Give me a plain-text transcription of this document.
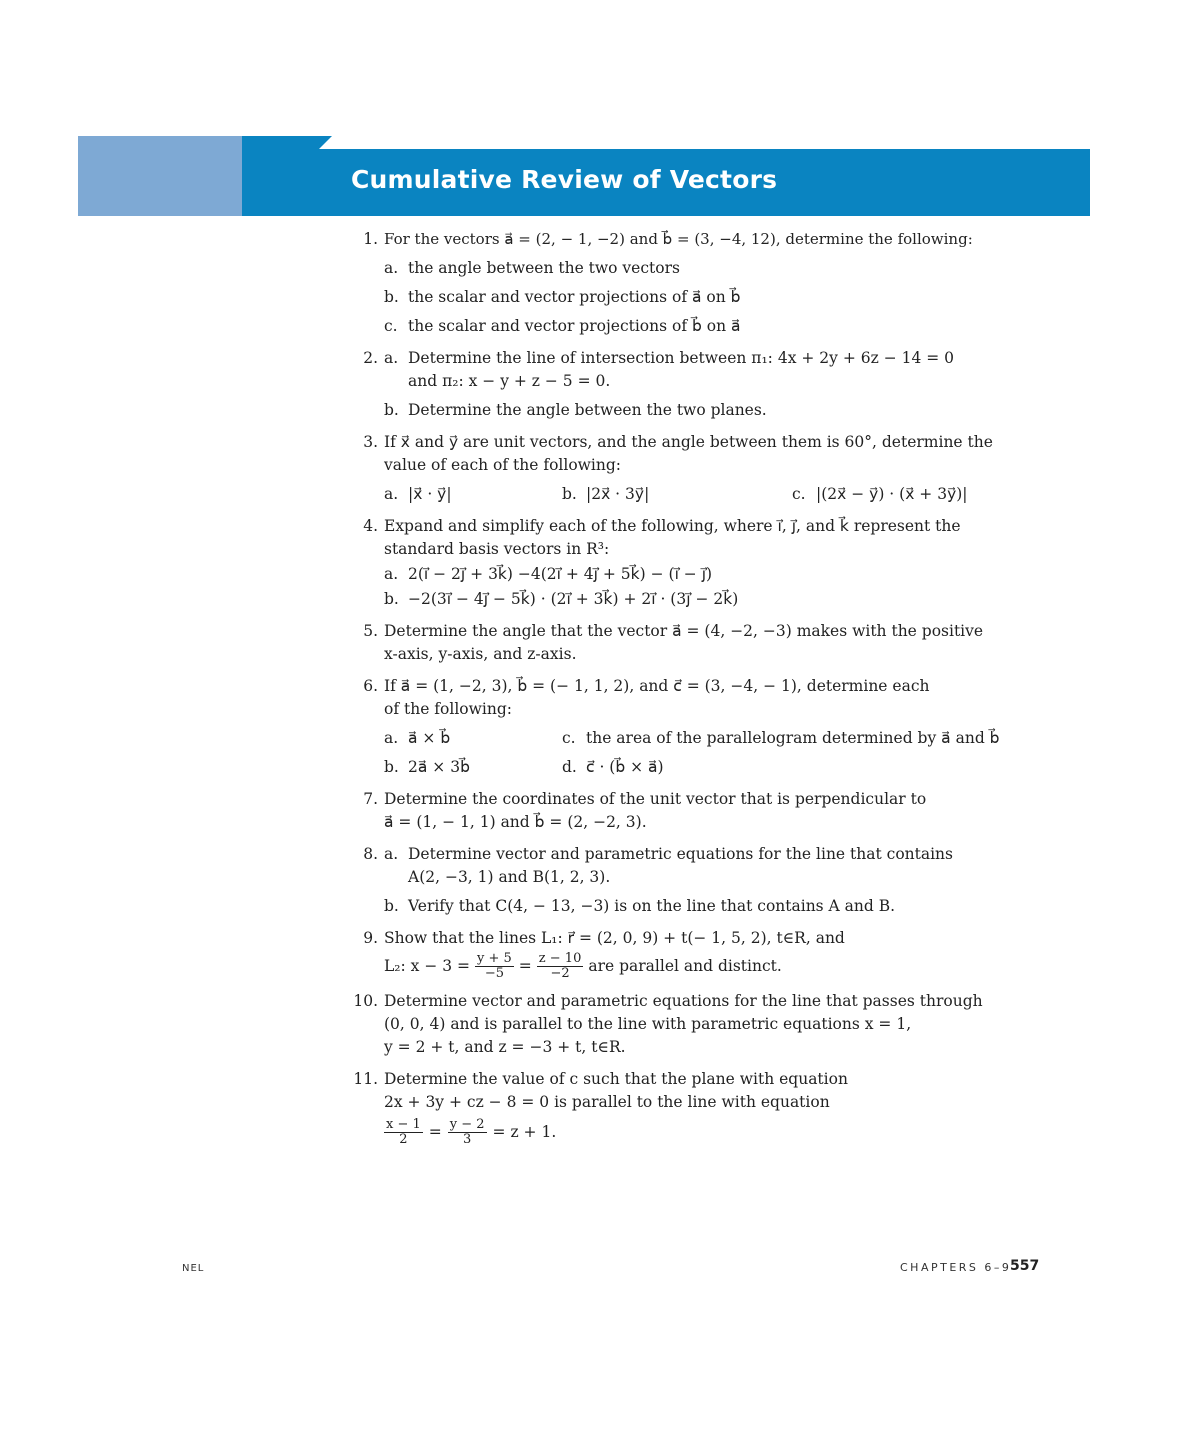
Cumulative Review of Vectors
1. For the vectors a⃗ = (2, − 1, −2) and b⃗ = (3, −4, 12), determine the following:
a. the angle between the two vectors
b. the scalar and vector projections of a⃗ on b⃗
c. the scalar and vector projections of b⃗ on a⃗
2. a. Determine the line of intersection between π₁: 4x + 2y + 6z − 14 = 0
and π₂: x − y + z − 5 = 0.
b. Determine the angle between the two planes.
3. If x⃗ and y⃗ are unit vectors, and the angle between them is 60°, determine the
value of each of the following:
a. |x⃗ · y⃗|	b. |2x⃗ · 3y⃗|	c. |(2x⃗ − y⃗) · (x⃗ + 3y⃗)|
4. Expand and simplify each of the following, where i⃗, j⃗, and k⃗ represent the
standard basis vectors in R³:
a. 2(i⃗ − 2j⃗ + 3k⃗) −4(2i⃗ + 4j⃗ + 5k⃗) − (i⃗ − j⃗)
b. −2(3i⃗ − 4j⃗ − 5k⃗) · (2i⃗ + 3k⃗) + 2i⃗ · (3j⃗ − 2k⃗)
5. Determine the angle that the vector a⃗ = (4, −2, −3) makes with the positive
x-axis, y-axis, and z-axis.
6. If a⃗ = (1, −2, 3), b⃗ = (− 1, 1, 2), and c⃗ = (3, −4, − 1), determine each
of the following:
a. a⃗ × b⃗	c. the area of the parallelogram determined by a⃗ and b⃗
b. 2a⃗ × 3b⃗	d. c⃗ · (b⃗ × a⃗)
7. Determine the coordinates of the unit vector that is perpendicular to
a⃗ = (1, − 1, 1) and b⃗ = (2, −2, 3).
8. a. Determine vector and parametric equations for the line that contains
A(2, −3, 1) and B(1, 2, 3).
b. Verify that C(4, − 13, −3) is on the line that contains A and B.
9. Show that the lines L₁: r⃗ = (2, 0, 9) + t(− 1, 5, 2), t∈R, and
L₂: $x - 3 = \frac{y + 5}{-5} = \frac{z - 10}{-2}$ are parallel and distinct.
10. Determine vector and parametric equations for the line that passes through
(0, 0, 4) and is parallel to the line with parametric equations x = 1,
y = 2 + t, and z = −3 + t, t∈R.
11. Determine the value of c such that the plane with equation
2x + 3y + cz − 8 = 0 is parallel to the line with equation
$\frac{x - 1}{2} = \frac{y - 2}{3} = z + 1$.
NEL	CHAPTERS 6–9
557
